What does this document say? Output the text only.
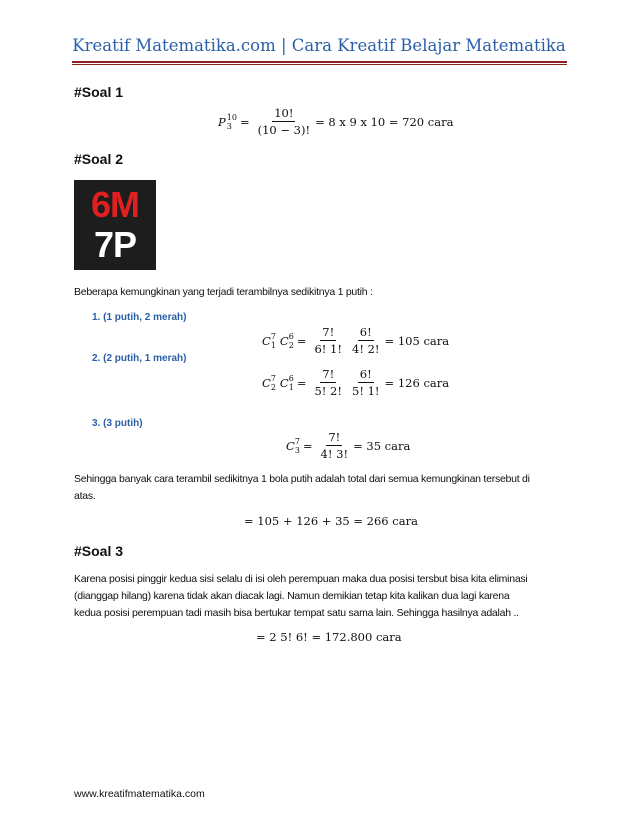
Kreatif Matematika.com | Cara Kreatif Belajar Matematika
#Soal 1
P 10
$3 = \frac{10!}{(10 - 3)!} = 8$ x 9 x 10 = 720 cara
#Soal 2
6M
7P
Beberapa kemungkinan yang terjadi terambilnya sedikitnya 1 putih :
1. (1 putih, 2 merah)
C 7
1 C 6
$2 = \frac{7!}{6! 1!} \frac{6!}{4! 2!} = 105$ cara
2. (2 putih, 1 merah)
C 7
2 C 6
$1 = \frac{7!}{5! 2!} \frac{6!}{5! 1!} = 126$ cara
3. (3 putih)
C 7
$3 = \frac{7!}{4! 3!} = 35$ cara
Sehingga banyak cara terambil sedikitnya 1 bola putih adalah total dari semua kemungkinan tersebut di
atas.
= 105 + 126 + 35 = 266 cara
#Soal 3
Karena posisi pinggir kedua sisi selalu di isi oleh perempuan maka dua posisi tersbut bisa kita eliminasi
(dianggap hilang) karena tidak akan diacak lagi. Namun demikian tetap kita kalikan dua lagi karena
kedua posisi perempuan tadi masih bisa bertukar tempat satu sama lain. Sehingga hasilnya adalah ..
= 2 5! 6! = 172.800 cara
www.kreatifmatematika.com
